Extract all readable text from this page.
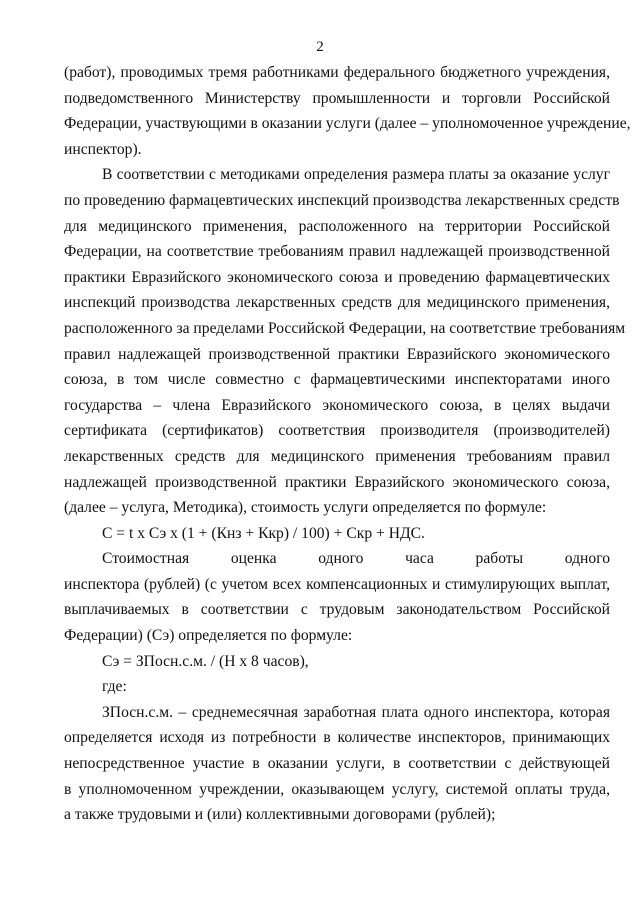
2
(работ), проводимых тремя работниками федерального бюджетного учреждения,
подведомственного Министерству промышленности и торговли Российской
Федерации, участвующими в оказании услуги (далее – уполномоченное учреждение,
инспектор).
В соответствии с методиками определения размера платы за оказание услуг
по проведению фармацевтических инспекций производства лекарственных средств
для медицинского применения, расположенного на территории Российской
Федерации, на соответствие требованиям правил надлежащей производственной
практики Евразийского экономического союза и проведению фармацевтических
инспекций производства лекарственных средств для медицинского применения,
расположенного за пределами Российской Федерации, на соответствие требованиям
правил надлежащей производственной практики Евразийского экономического
союза, в том числе совместно с фармацевтическими инспекторатами иного
государства – члена Евразийского экономического союза, в целях выдачи
сертификата (сертификатов) соответствия производителя (производителей)
лекарственных средств для медицинского применения требованиям правил
надлежащей производственной практики Евразийского экономического союза,
(далее – услуга, Методика), стоимость услуги определяется по формуле:
С = t x Сэ x (1 + (Кнз + Ккр) / 100) + Скр + НДС.
Стоимостная оценка одного часа работы одного
инспектора (рублей) (с учетом всех компенсационных и стимулирующих выплат,
выплачиваемых в соответствии с трудовым законодательством Российской
Федерации) (Сэ) определяется по формуле:
Сэ = ЗПосн.с.м. / (Н x 8 часов),
где:
ЗПосн.с.м. – среднемесячная заработная плата одного инспектора, которая
определяется исходя из потребности в количестве инспекторов, принимающих
непосредственное участие в оказании услуги, в соответствии с действующей
в уполномоченном учреждении, оказывающем услугу, системой оплаты труда,
а также трудовыми и (или) коллективными договорами (рублей);
